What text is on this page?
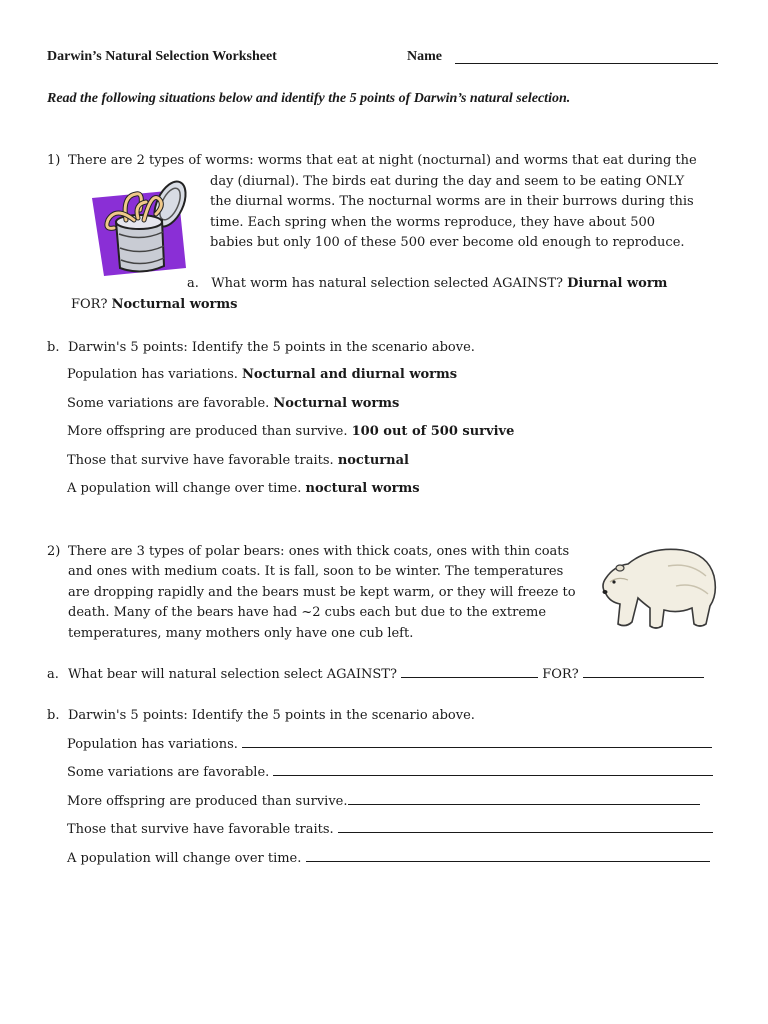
Darwin’s Natural Selection Worksheet	Name
Read the following situations below and identify the 5 points of Darwin’s natural selection.
1) There are 2 types of worms: worms that eat at night (nocturnal) and worms that eat during the
day (diurnal). The birds eat during the day and seem to be eating ONLY
the diurnal worms. The nocturnal worms are in their burrows during this
time. Each spring when the worms reproduce, they have about 500
babies but only 100 of these 500 ever become old enough to reproduce.
a. What worm has natural selection selected AGAINST? Diurnal worm
FOR? Nocturnal worms
b. Darwin's 5 points: Identify the 5 points in the scenario above.
Population has variations. Nocturnal and diurnal worms
Some variations are favorable. Nocturnal worms
More offspring are produced than survive. 100 out of 500 survive
Those that survive have favorable traits. nocturnal
A population will change over time. noctural worms
2) There are 3 types of polar bears: ones with thick coats, ones with thin coats
and ones with medium coats. It is fall, soon to be winter. The temperatures
are dropping rapidly and the bears must be kept warm, or they will freeze to
death. Many of the bears have had ~2 cubs each but due to the extreme
temperatures, many mothers only have one cub left.
a. What bear will natural selection select AGAINST?	FOR?
b. Darwin's 5 points: Identify the 5 points in the scenario above.
Population has variations.
Some variations are favorable.
More offspring are produced than survive.
Those that survive have favorable traits.
A population will change over time.
